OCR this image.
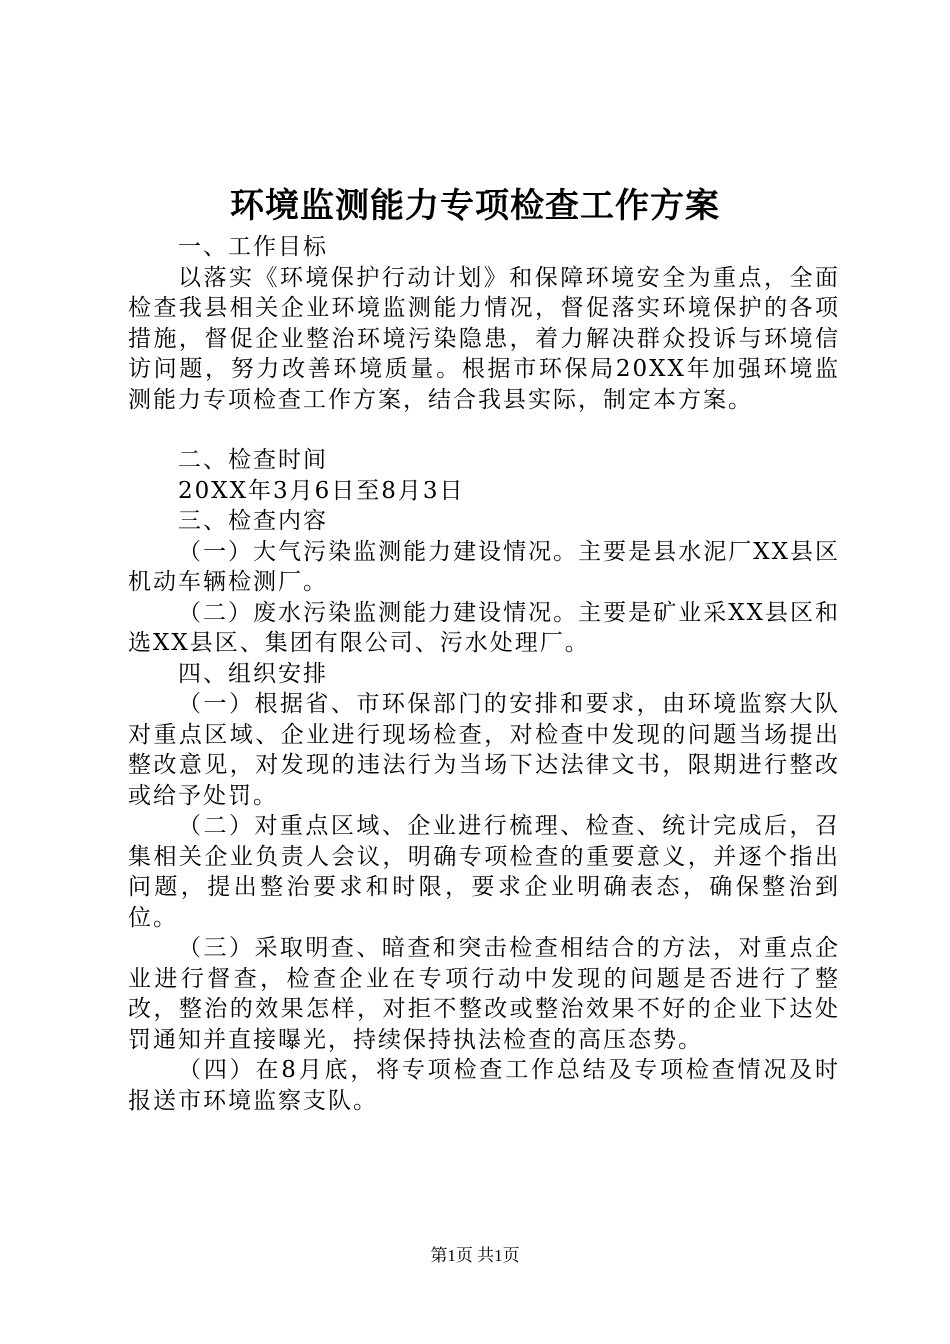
环境监测能力专项检查工作方案

一、工作目标

以落实《环境保护行动计划》和保障环境安全为重点，全面检查我县相关企业环境监测能力情况，督促落实环境保护的各项措施，督促企业整治环境污染隐患，着力解决群众投诉与环境信访问题，努力改善环境质量。根据市环保局20XX年加强环境监测能力专项检查工作方案，结合我县实际，制定本方案。

二、检查时间

20XX年3月6日至8月3日

三、检查内容

（一）大气污染监测能力建设情况。主要是县水泥厂XX县区机动车辆检测厂。

（二）废水污染监测能力建设情况。主要是矿业采XX县区和选XX县区、集团有限公司、污水处理厂。

四、组织安排

（一）根据省、市环保部门的安排和要求，由环境监察大队对重点区域、企业进行现场检查，对检查中发现的问题当场提出整改意见，对发现的违法行为当场下达法律文书，限期进行整改或给予处罚。

（二）对重点区域、企业进行梳理、检查、统计完成后，召集相关企业负责人会议，明确专项检查的重要意义，并逐个指出问题，提出整治要求和时限，要求企业明确表态，确保整治到位。

（三）采取明查、暗查和突击检查相结合的方法，对重点企业进行督查，检查企业在专项行动中发现的问题是否进行了整改，整治的效果怎样，对拒不整改或整治效果不好的企业下达处罚通知并直接曝光，持续保持执法检查的高压态势。

（四）在8月底，将专项检查工作总结及专项检查情况及时报送市环境监察支队。

第1页 共1页
